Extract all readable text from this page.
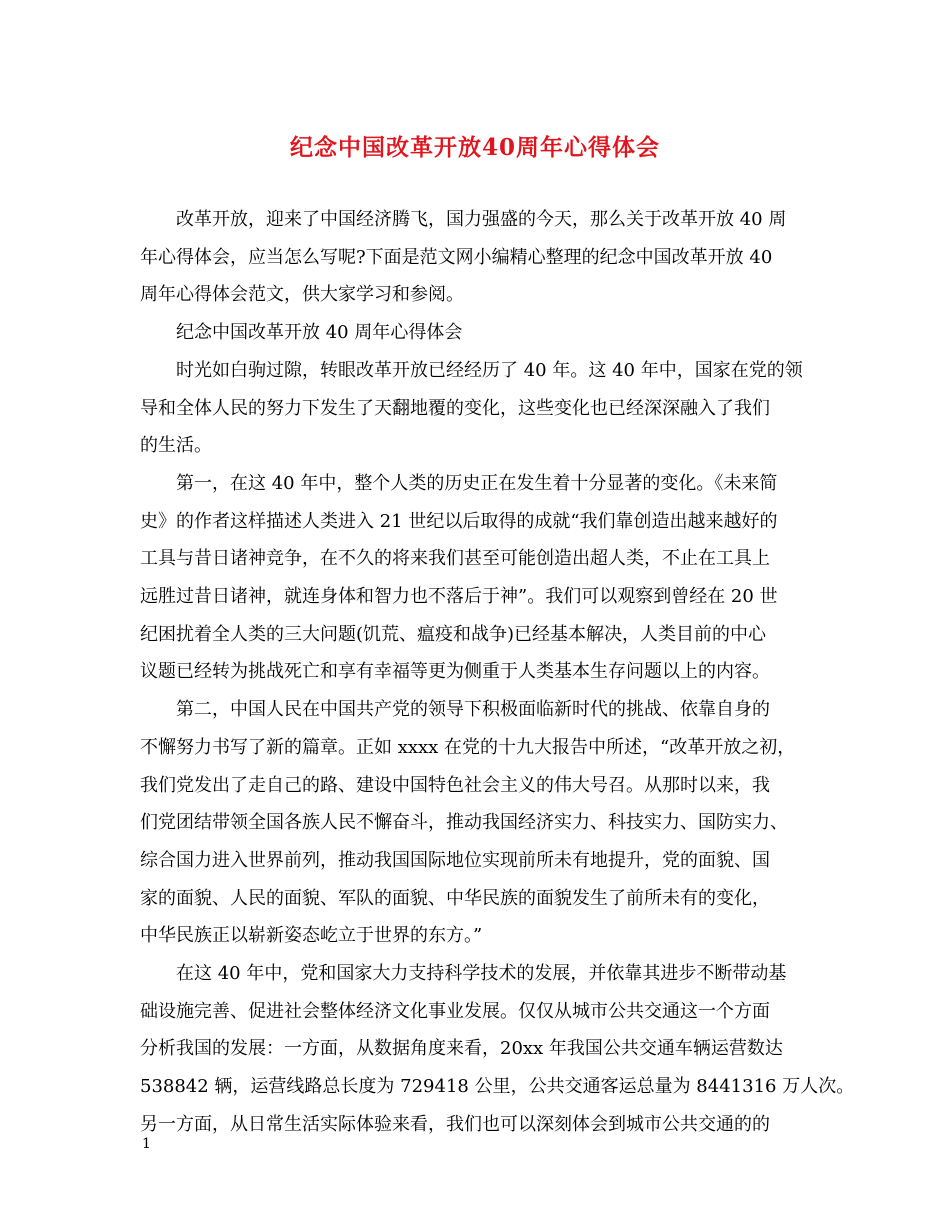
纪念中国改革开放40周年心得体会

改革开放，迎来了中国经济腾飞，国力强盛的今天，那么关于改革开放 40 周
年心得体会，应当怎么写呢?下面是范文网小编精心整理的纪念中国改革开放 40
周年心得体会范文，供大家学习和参阅。

纪念中国改革开放 40 周年心得体会

时光如白驹过隙，转眼改革开放已经经历了 40 年。这 40 年中，国家在党的领
导和全体人民的努力下发生了天翻地覆的变化，这些变化也已经深深融入了我们
的生活。

第一，在这 40 年中，整个人类的历史正在发生着十分显著的变化。《未来简
史》的作者这样描述人类进入 21 世纪以后取得的成就“我们靠创造出越来越好的
工具与昔日诸神竞争，在不久的将来我们甚至可能创造出超人类，不止在工具上
远胜过昔日诸神，就连身体和智力也不落后于神”。我们可以观察到曾经在 20 世
纪困扰着全人类的三大问题(饥荒、瘟疫和战争)已经基本解决，人类目前的中心
议题已经转为挑战死亡和享有幸福等更为侧重于人类基本生存问题以上的内容。

第二，中国人民在中国共产党的领导下积极面临新时代的挑战、依靠自身的
不懈努力书写了新的篇章。正如 xxxx 在党的十九大报告中所述，“改革开放之初，
我们党发出了走自己的路、建设中国特色社会主义的伟大号召。从那时以来，我
们党团结带领全国各族人民不懈奋斗，推动我国经济实力、科技实力、国防实力、
综合国力进入世界前列，推动我国国际地位实现前所未有地提升，党的面貌、国
家的面貌、人民的面貌、军队的面貌、中华民族的面貌发生了前所未有的变化，
中华民族正以崭新姿态屹立于世界的东方。”

在这 40 年中，党和国家大力支持科学技术的发展，并依靠其进步不断带动基
础设施完善、促进社会整体经济文化事业发展。仅仅从城市公共交通这一个方面
分析我国的发展：一方面，从数据角度来看，20xx 年我国公共交通车辆运营数达
538842 辆，运营线路总长度为 729418 公里，公共交通客运总量为 8441316 万人次。
另一方面，从日常生活实际体验来看，我们也可以深刻体会到城市公共交通的的

1
